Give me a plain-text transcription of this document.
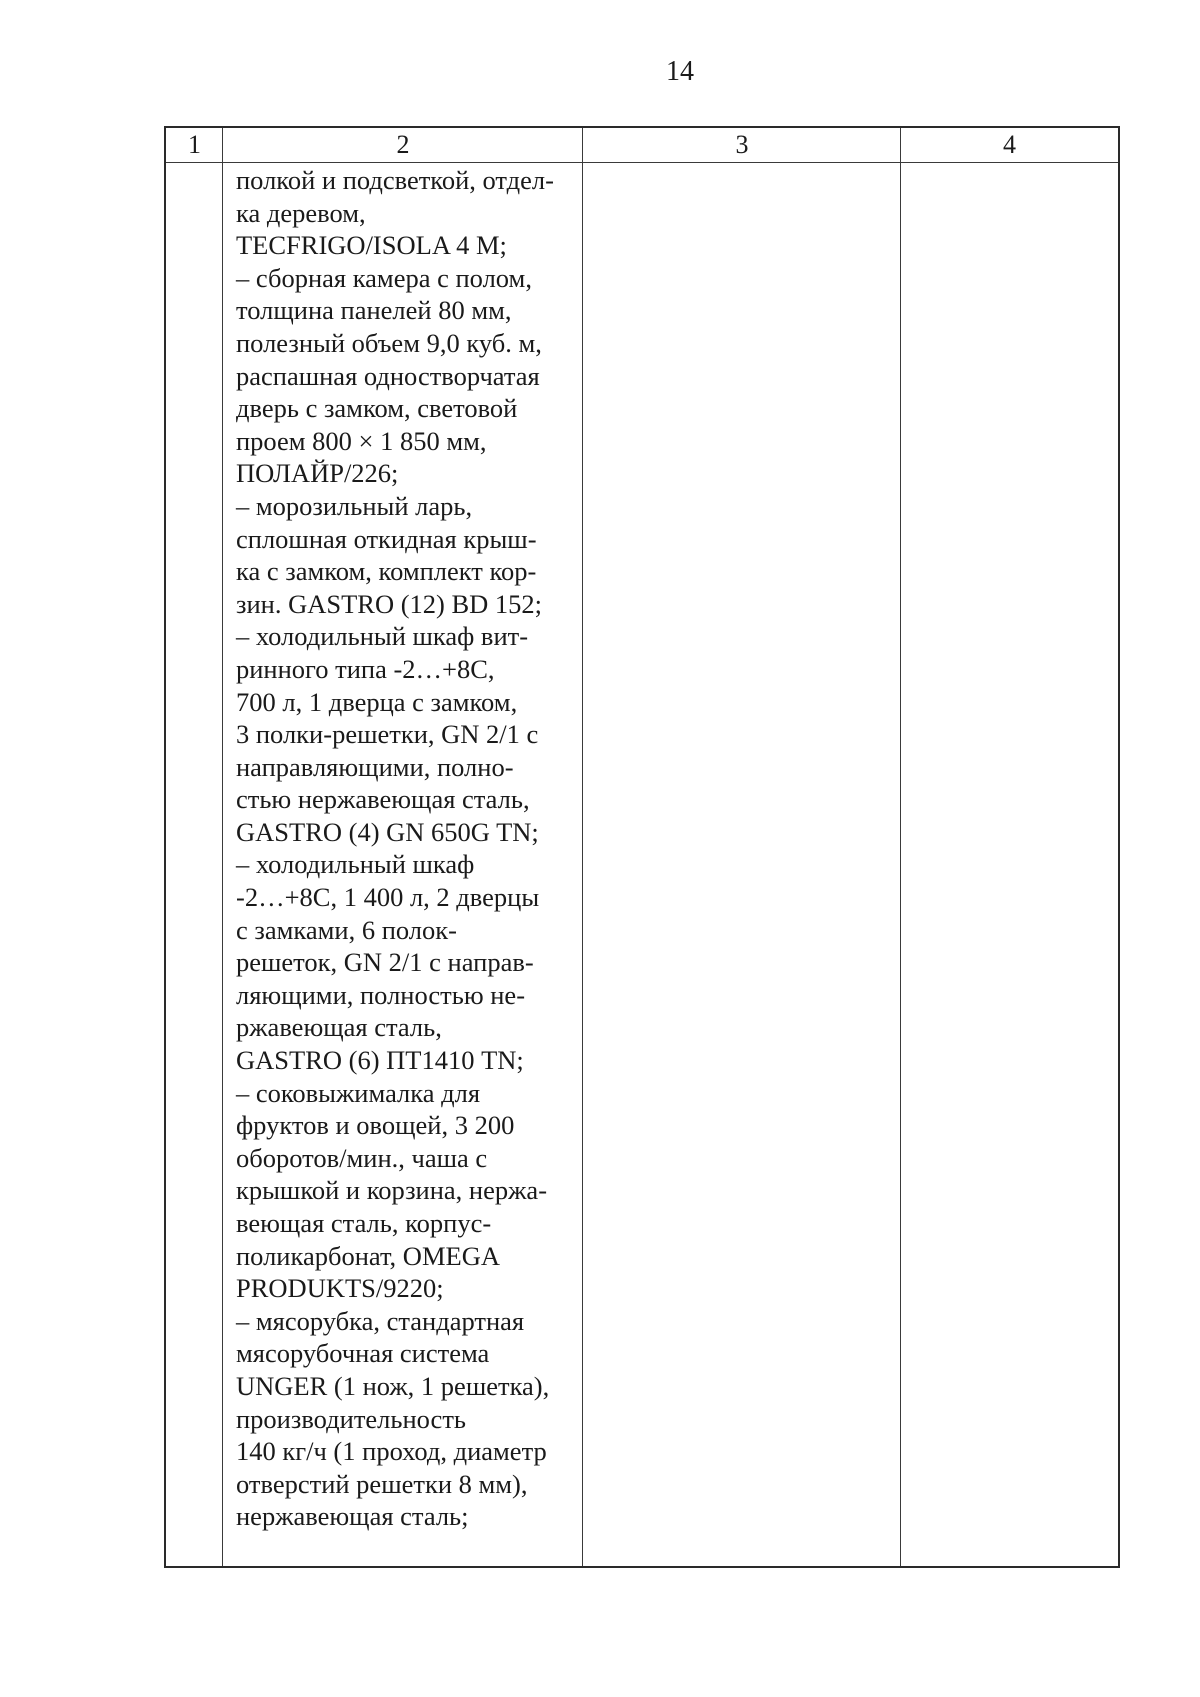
14
1	2	3	4
полкой и подсветкой, отдел-
ка деревом,
TECFRIGO/ISOLA 4 M;
– сборная камера с полом,
толщина панелей 80 мм,
полезный объем 9,0 куб. м,
распашная одностворчатая
дверь с замком, световой
проем 800 × 1 850 мм,
ПОЛАЙР/226;
– морозильный ларь,
сплошная откидная крыш-
ка с замком, комплект кор-
зин. GASTRO (12) BD 152;
– холодильный шкаф вит-
ринного типа -2…+8С,
700 л, 1 дверца с замком,
3 полки-решетки, GN 2/1 с
направляющими, полно-
стью нержавеющая сталь,
GASTRO (4) GN 650G TN;
– холодильный шкаф
-2…+8С, 1 400 л, 2 дверцы
с замками, 6 полок-
решеток, GN 2/1 с направ-
ляющими, полностью не-
ржавеющая сталь,
GASTRO (6) ПТ1410 TN;
– соковыжималка для
фруктов и овощей, 3 200
оборотов/мин., чаша с
крышкой и корзина, нержа-
веющая сталь, корпус-
поликарбонат, OMEGA
PRODUKTS/9220;
– мясорубка, стандартная
мясорубочная система
UNGER (1 нож, 1 решетка),
производительность
140 кг/ч (1 проход, диаметр
отверстий решетки 8 мм),
нержавеющая сталь;
